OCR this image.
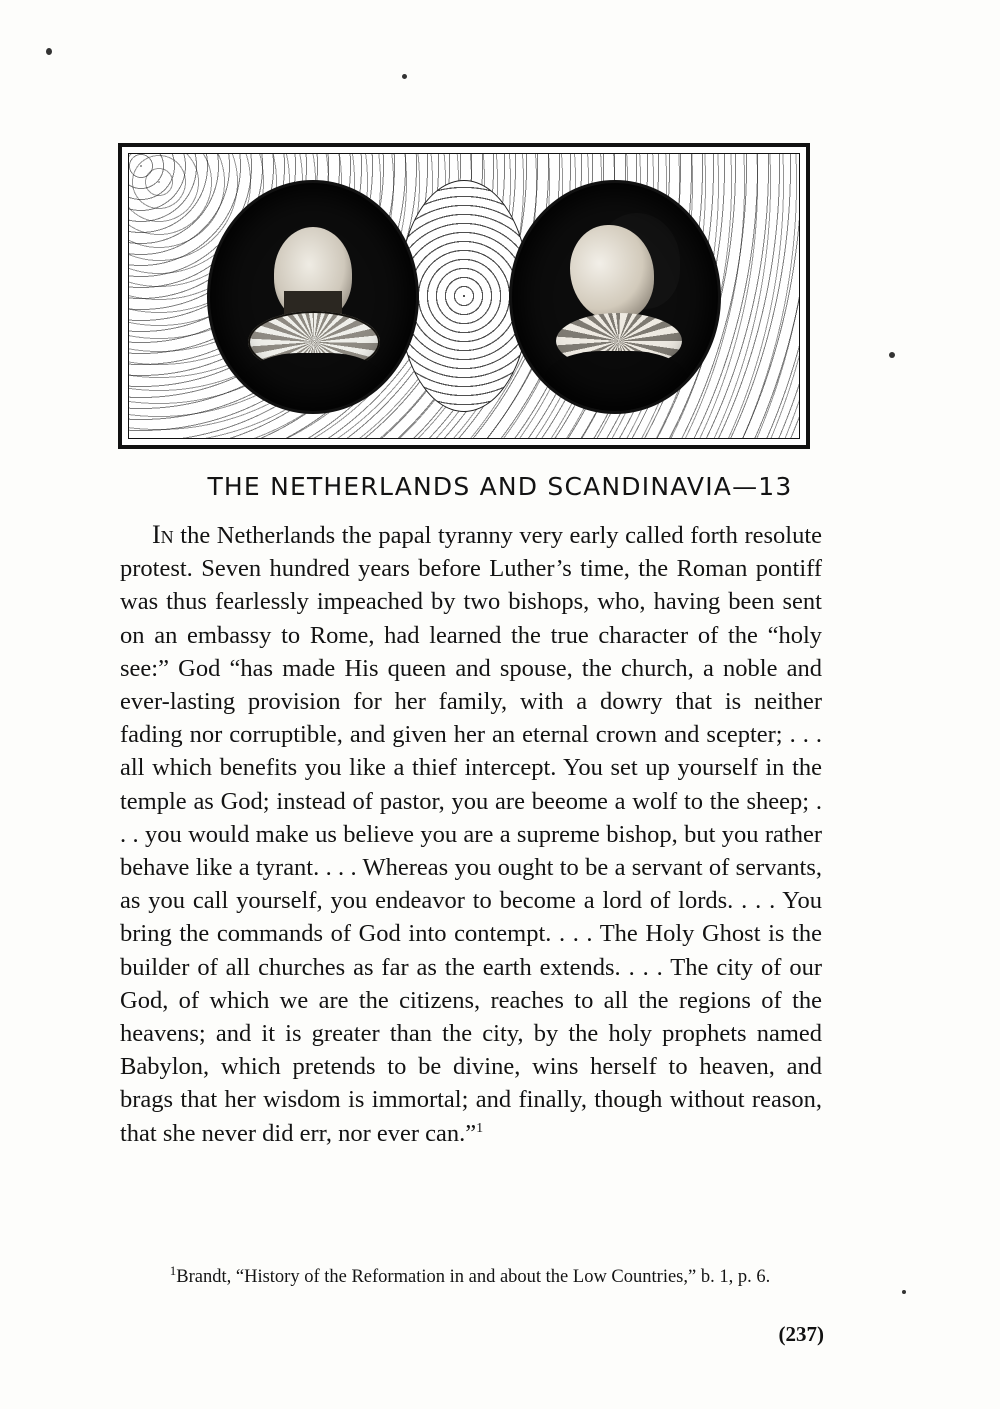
THE NETHERLANDS AND SCANDINAVIA—13

In the Netherlands the papal tyranny very early called forth resolute protest. Seven hundred years before Luther’s time, the Roman pontiff was thus fearlessly impeached by two bishops, who, having been sent on an embassy to Rome, had learned the true character of the “holy see:” God “has made His queen and spouse, the church, a noble and ever-lasting provision for her family, with a dowry that is neither fading nor corruptible, and given her an eternal crown and scepter; . . . all which benefits you like a thief intercept. You set up yourself in the temple as God; instead of pastor, you are beeome a wolf to the sheep; . . . you would make us believe you are a supreme bishop, but you rather behave like a tyrant. . . . Whereas you ought to be a servant of servants, as you call yourself, you endeavor to become a lord of lords. . . . You bring the commands of God into contempt. . . . The Holy Ghost is the builder of all churches as far as the earth extends. . . . The city of our God, of which we are the citizens, reaches to all the regions of the heavens; and it is greater than the city, by the holy prophets named Babylon, which pretends to be divine, wins herself to heaven, and brags that her wisdom is immortal; and finally, though without reason, that she never did err, nor ever can.”$^1$

$^1$Brandt, “History of the Reformation in and about the Low Countries,” b. 1, p. 6.
(237)
